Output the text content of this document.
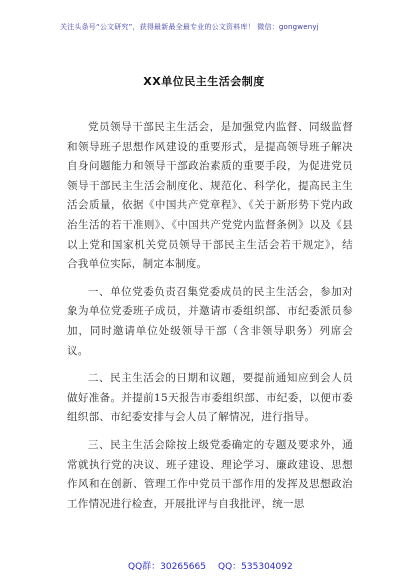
关注头条号“公文研究”，获得最新最全最专业的公文资料库！ 微信：gongwenyj
XX单位民主生活会制度

党员领导干部民主生活会，是加强党内监督、同级监督和领导班子思想作风建设的重要形式，是提高领导班子解决自身问题能力和领导干部政治素质的重要手段，为促进党员领导干部民主生活会制度化、规范化、科学化，提高民主生活会质量，依据《中国共产党章程》、《关于新形势下党内政治生活的若干准则》、《中国共产党党内监督条例》以及《县以上党和国家机关党员领导干部民主生活会若干规定》，结合我单位实际，制定本制度。

一、单位党委负责召集党委成员的民主生活会，参加对象为单位党委班子成员，并邀请市委组织部、市纪委派员参加，同时邀请单位处级领导干部（含非领导职务）列席会议。

二、民主生活会的日期和议题，要提前通知应到会人员做好准备。并提前15天报告市委组织部、市纪委，以便市委组织部、市纪委安排与会人员了解情况，进行指导。

三、民主生活会除按上级党委确定的专题及要求外，通常就执行党的决议、班子建设、理论学习、廉政建设、思想作风和在创新、管理工作中党员干部作用的发挥及思想政治工作情况进行检查，开展批评与自我批评，统一思

QQ群：30265665 QQ：535304092
